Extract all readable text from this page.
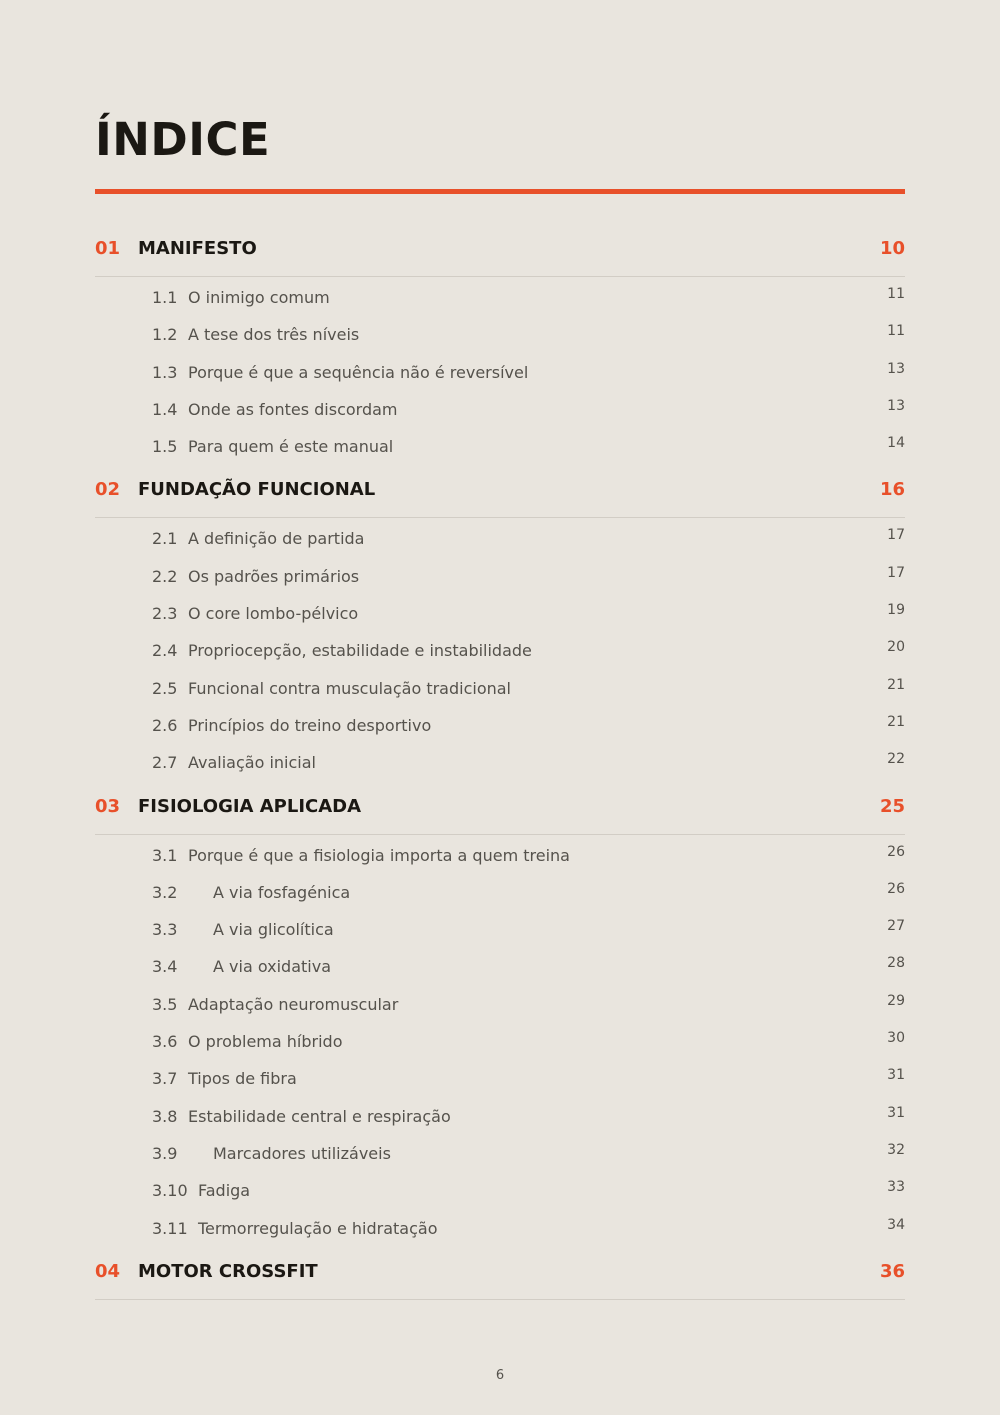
ÍNDICE
01 MANIFESTO	10
1.1 O inimigo comum	11
1.2 A tese dos três níveis	11
1.3 Porque é que a sequência não é reversível	13
1.4 Onde as fontes discordam	13
1.5 Para quem é este manual	14
02 FUNDAÇÃO FUNCIONAL	16
2.1 A definição de partida	17
2.2 Os padrões primários	17
2.3 O core lombo-pélvico	19
2.4 Propriocepção, estabilidade e instabilidade	20
2.5 Funcional contra musculação tradicional	21
2.6 Princípios do treino desportivo	21
2.7 Avaliação inicial	22
03 FISIOLOGIA APLICADA	25
3.1 Porque é que a fisiologia importa a quem treina	26
3.2 A via fosfagénica	26
3.3 A via glicolítica	27
3.4 A via oxidativa	28
3.5 Adaptação neuromuscular	29
3.6 O problema híbrido	30
3.7 Tipos de fibra	31
3.8 Estabilidade central e respiração	31
3.9 Marcadores utilizáveis	32
3.10 Fadiga	33
3.11 Termorregulação e hidratação	34
04 MOTOR CROSSFIT	36
6
